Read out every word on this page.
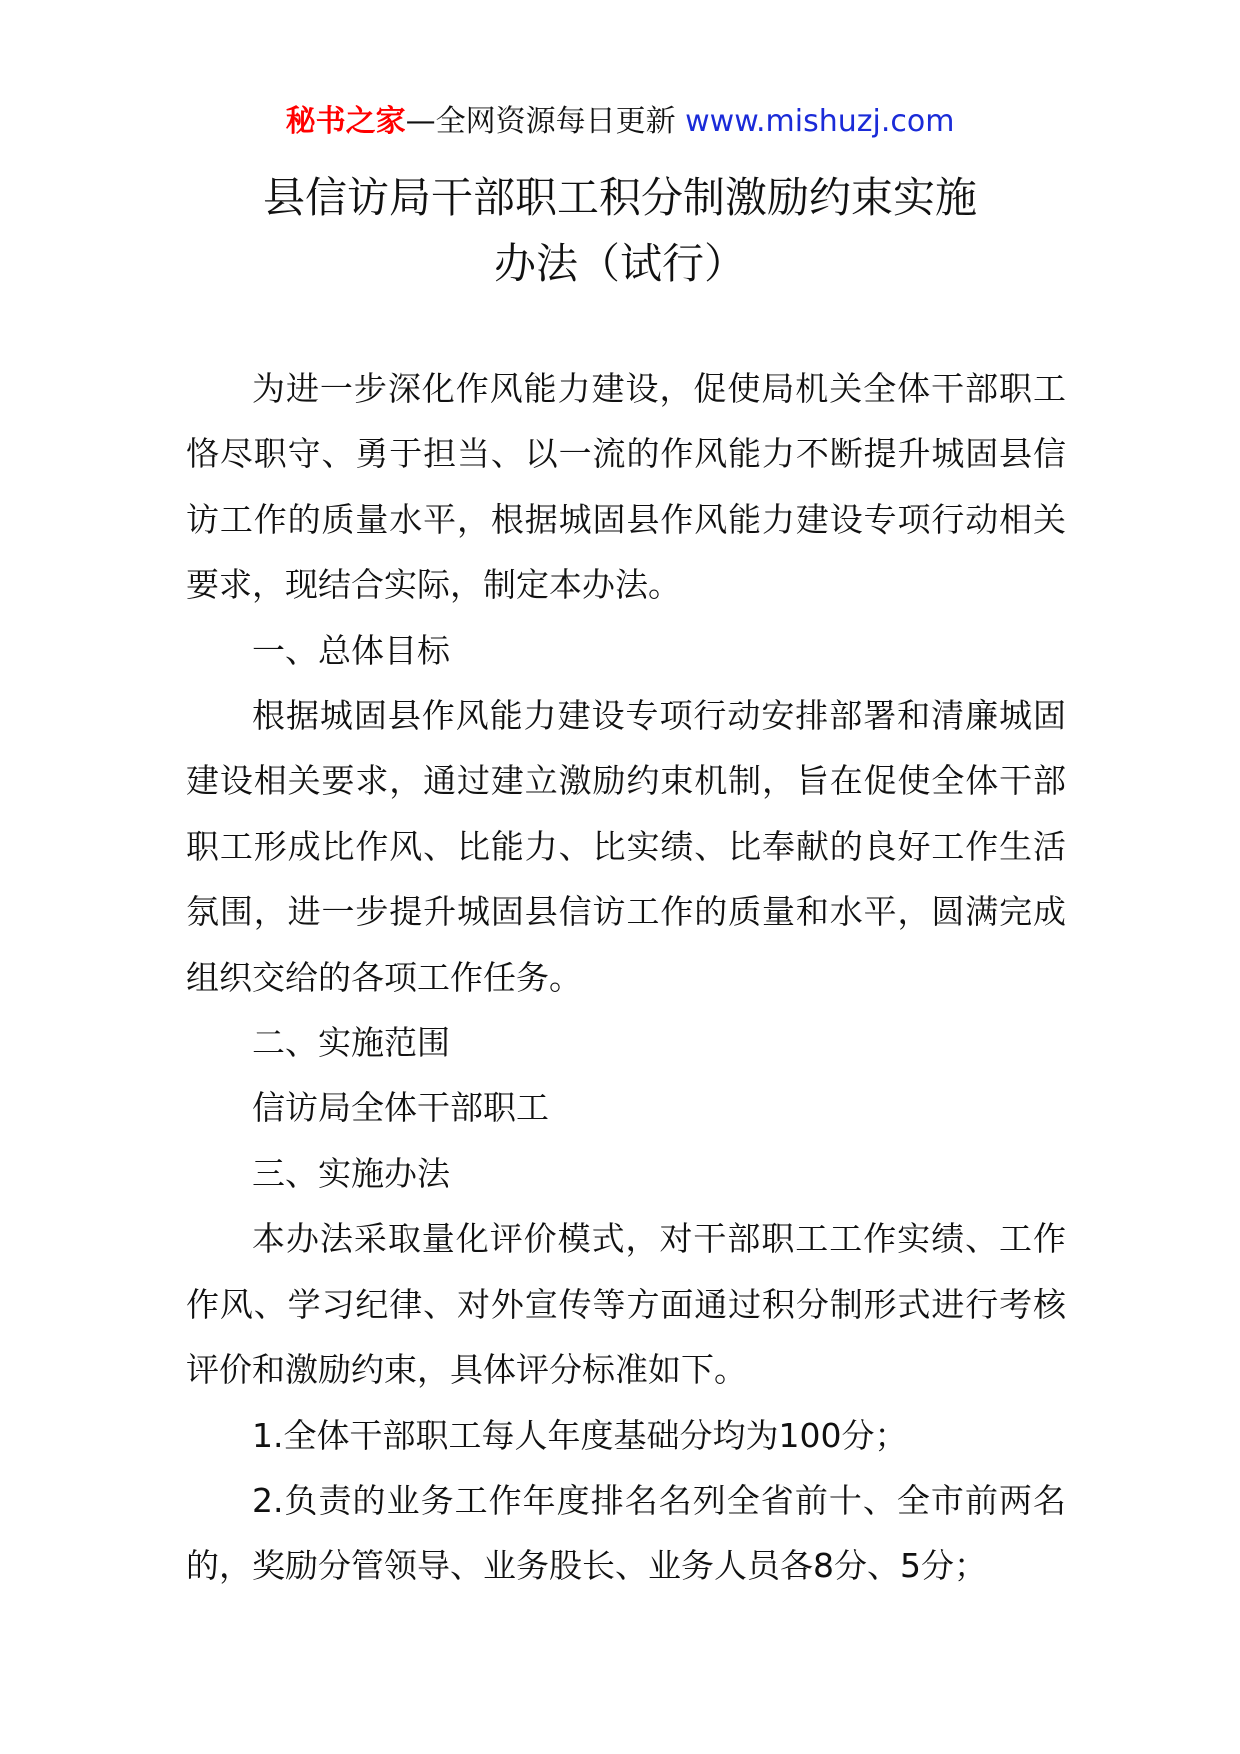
秘书之家—全网资源每日更新 www.mishuzj.com
县信访局干部职工积分制激励约束实施
办法（试行）

为进一步深化作风能力建设，促使局机关全体干部职工恪尽职守、勇于担当、以一流的作风能力不断提升城固县信访工作的质量水平，根据城固县作风能力建设专项行动相关要求，现结合实际，制定本办法。

一、总体目标

根据城固县作风能力建设专项行动安排部署和清廉城固建设相关要求，通过建立激励约束机制，旨在促使全体干部职工形成比作风、比能力、比实绩、比奉献的良好工作生活氛围，进一步提升城固县信访工作的质量和水平，圆满完成组织交给的各项工作任务。

二、实施范围

信访局全体干部职工

三、实施办法

本办法采取量化评价模式，对干部职工工作实绩、工作作风、学习纪律、对外宣传等方面通过积分制形式进行考核评价和激励约束，具体评分标准如下。

1.全体干部职工每人年度基础分均为100分；

2.负责的业务工作年度排名名列全省前十、全市前两名的，奖励分管领导、业务股长、业务人员各8分、5分；
